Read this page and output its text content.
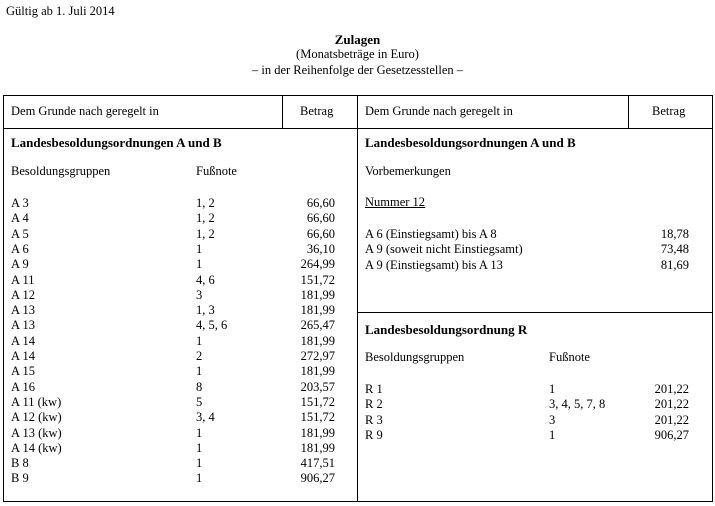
Gültig ab 1. Juli 2014
Zulagen
(Monatsbeträge in Euro)
– in der Reihenfolge der Gesetzesstellen –
Dem Grunde nach geregelt in	Betrag
Landesbesoldungsordnungen A und B
Besoldungsgruppen	Fußnote
A 3	1, 2	66,60
A 4	1, 2	66,60
A 5	1, 2	66,60
A 6	1	36,10
A 9	1	264,99
A 11	4, 6	151,72
A 12	3	181,99
A 13	1, 3	181,99
A 13	4, 5, 6	265,47
A 14	1	181,99
A 14	2	272,97
A 15	1	181,99
A 16	8	203,57
A 11 (kw)	5	151,72
A 12 (kw)	3, 4	151,72
A 13 (kw)	1	181,99
A 14 (kw)	1	181,99
B 8	1	417,51
B 9	1	906,27
Dem Grunde nach geregelt in	Betrag
Landesbesoldungsordnungen A und B
Vorbemerkungen
Nummer 12
A 6 (Einstiegsamt) bis A 8	18,78
A 9 (soweit nicht Einstiegsamt)	73,48
A 9 (Einstiegsamt) bis A 13	81,69
Landesbesoldungsordnung R
Besoldungsgruppen	Fußnote
R 1	1	201,22
R 2	3, 4, 5, 7, 8	201,22
R 3	3	201,22
R 9	1	906,27
